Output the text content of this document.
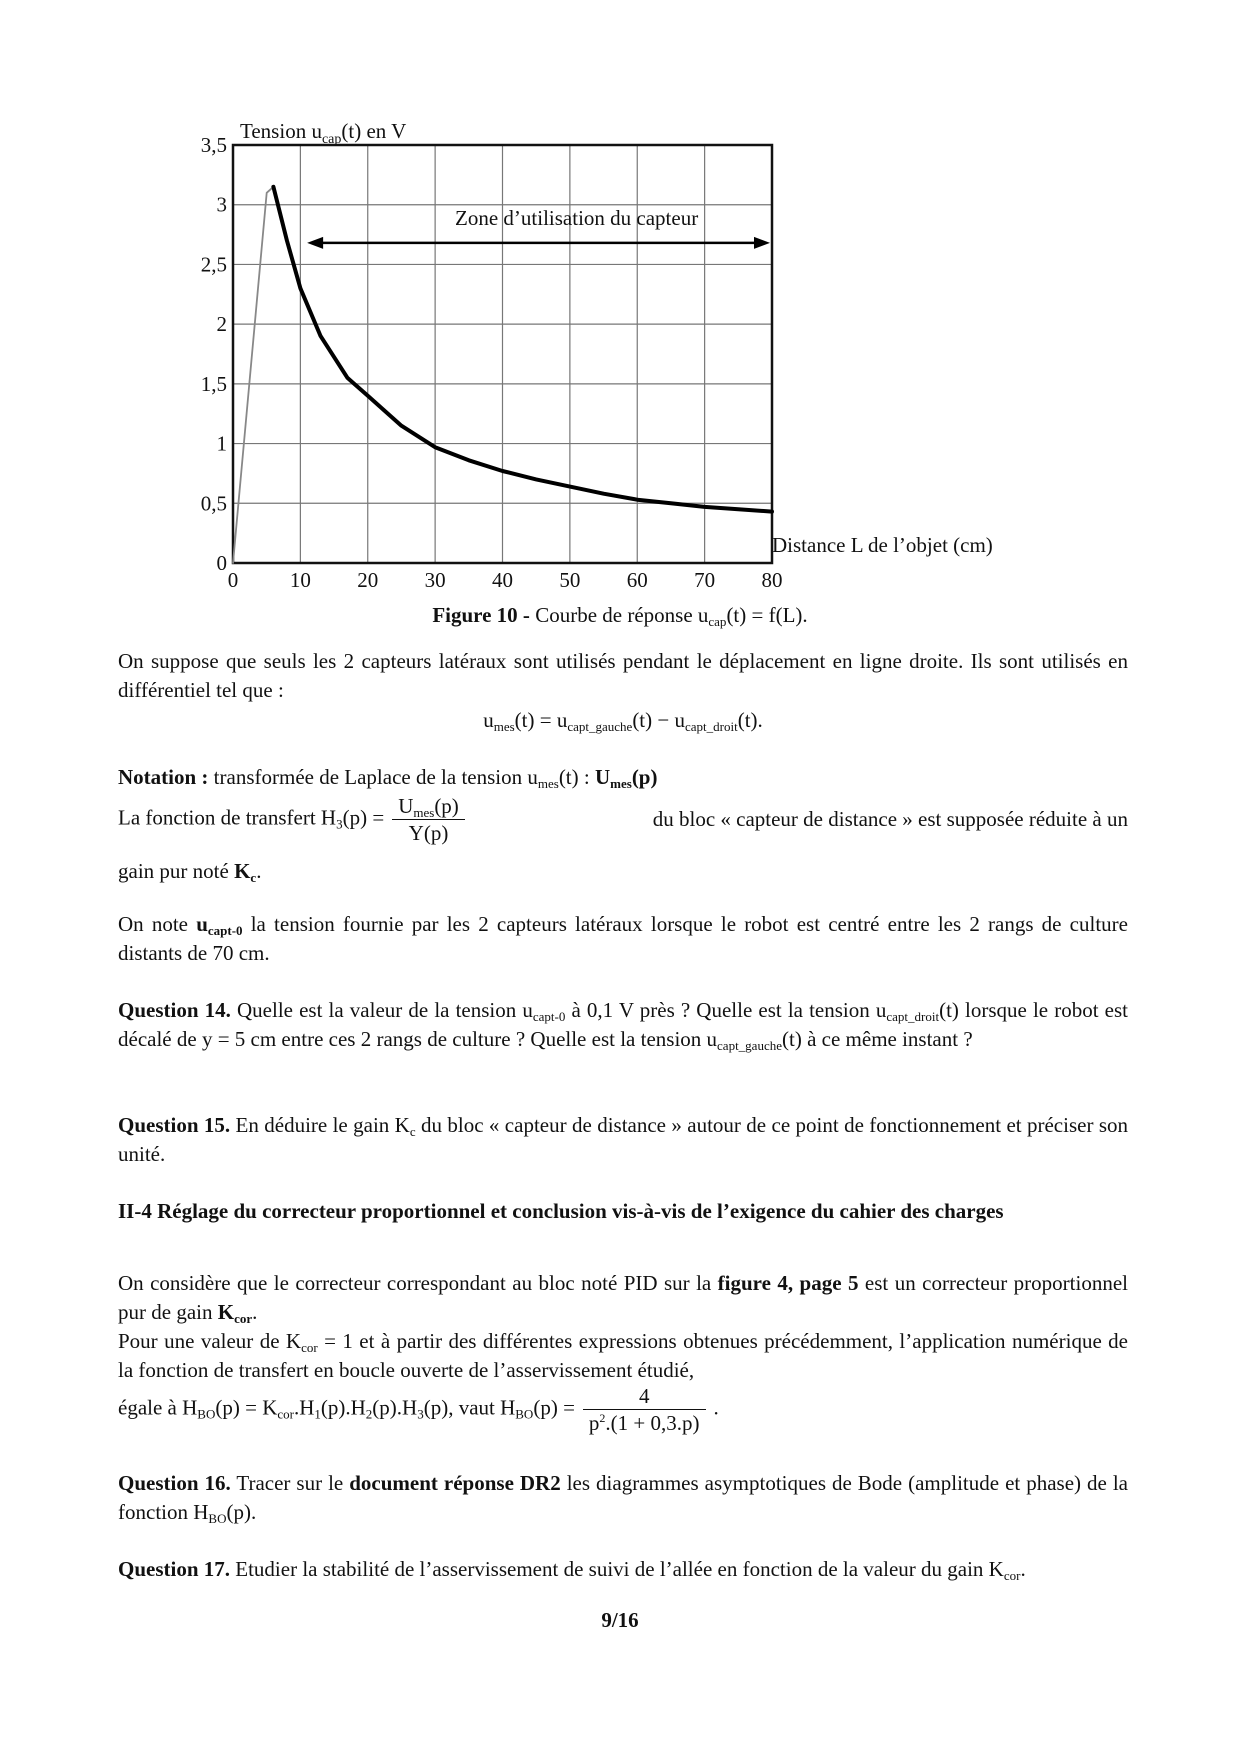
0
0,5
1
1,5
2
2,5
3
3,5
0 10 20 30 40 50 60 70 80
Zone d’utilisation du capteur
Tension $u_{cap}(t)$ en V
Distance L de l’objet (cm)
Figure 10 - Courbe de réponse $u_{cap}(t) = f(L)$.
On suppose que seuls les 2 capteurs latéraux sont utilisés pendant le déplacement en ligne droite. Ils sont utilisés en différentiel tel que :
$u_{mes}(t) = u_{capt\_gauche}(t) - u_{capt\_droit}(t)$.
Notation : transformée de Laplace de la tension $u_{mes}(t)$ : $U_{mes}(p)$
La fonction de transfert $H_3(p) = \frac{U_{mes}(p)}{Y(p)}$	du bloc « capteur de distance » est supposée réduite à un
gain pur noté $K_c$.
On note $u_{capt-0}$ la tension fournie par les 2 capteurs latéraux lorsque le robot est centré entre les 2 rangs de culture distants de 70 cm.
Question 14. Quelle est la valeur de la tension $u_{capt-0}$ à 0,1 V près ? Quelle est la tension $u_{capt\_droit}(t)$ lorsque le robot est décalé de y = 5 cm entre ces 2 rangs de culture ? Quelle est la tension $u_{capt\_gauche}(t)$ à ce même instant ?
Question 15. En déduire le gain $K_c$ du bloc « capteur de distance » autour de ce point de fonctionnement et préciser son unité.
II-4 Réglage du correcteur proportionnel et conclusion vis-à-vis de l’exigence du cahier des charges
On considère que le correcteur correspondant au bloc noté PID sur la figure 4, page 5 est un correcteur proportionnel pur de gain $K_{cor}$.
Pour une valeur de $K_{cor} = 1$ et à partir des différentes expressions obtenues précédemment, l’application numérique de la fonction de transfert en boucle ouverte de l’asservissement étudié,
égale à $H_{BO}(p) = K_{cor}.H_1(p).H_2(p).H_3(p)$, vaut $H_{BO}(p) = \frac{4}{p^2.(1 + 0,3.p)}$ .
Question 16. Tracer sur le document réponse DR2 les diagrammes asymptotiques de Bode (amplitude et phase) de la fonction $H_{BO}(p)$.
Question 17. Etudier la stabilité de l’asservissement de suivi de l’allée en fonction de la valeur du gain $K_{cor}$.
9/16
